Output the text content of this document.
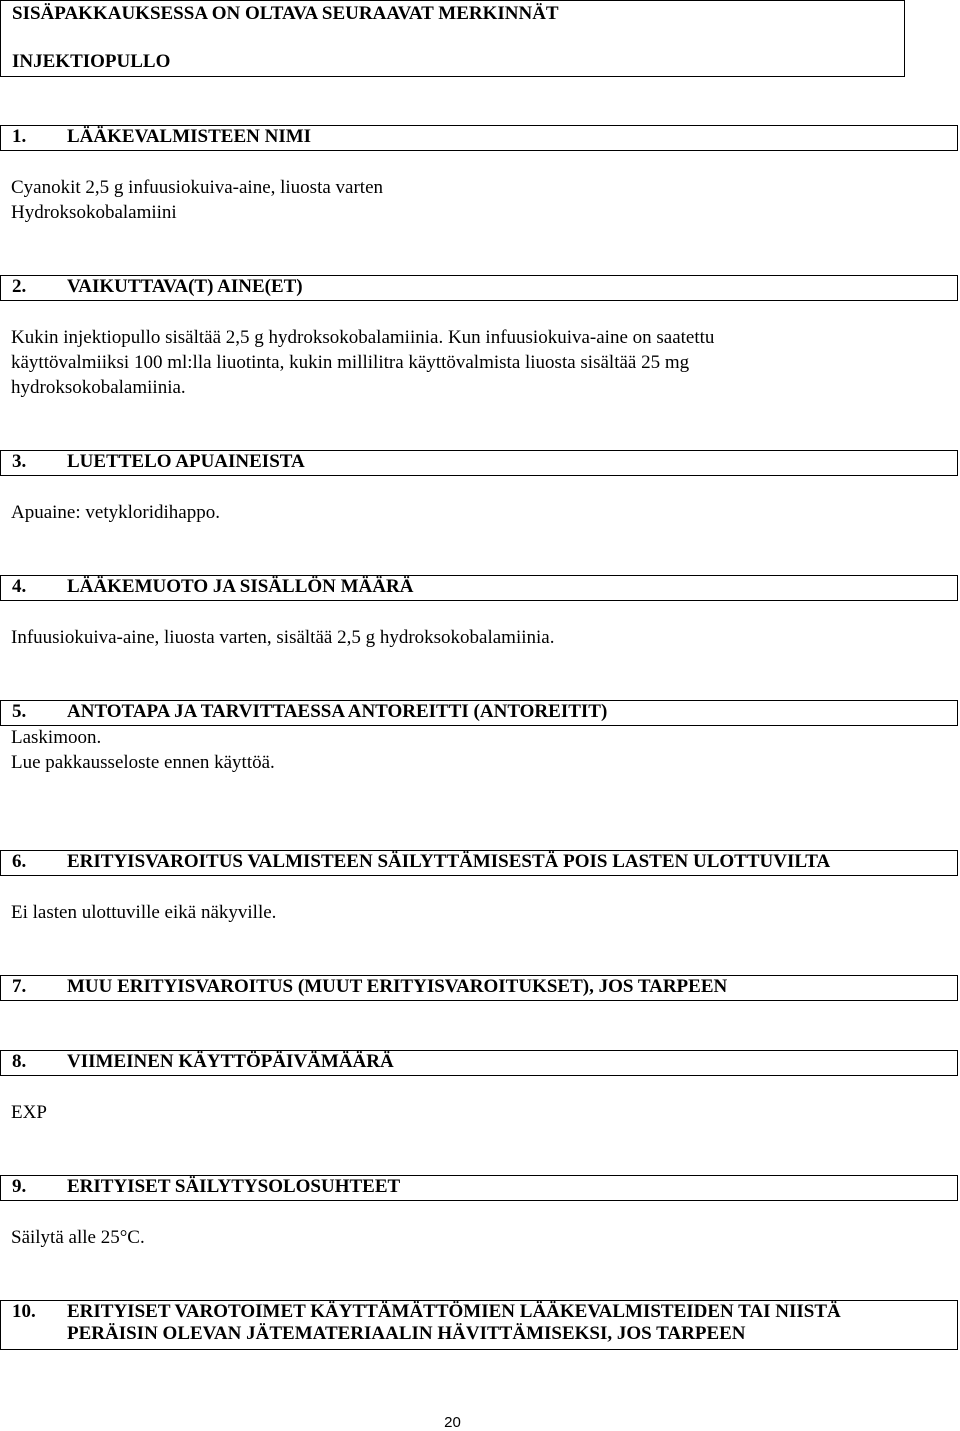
SISÄPAKKAUKSESSA ON OLTAVA SEURAAVAT MERKINNÄT
INJEKTIOPULLO
1. LÄÄKEVALMISTEEN NIMI
Cyanokit 2,5 g infuusiokuiva-aine, liuosta varten
Hydroksokobalamiini
2. VAIKUTTAVA(T) AINE(ET)
Kukin injektiopullo sisältää 2,5 g hydroksokobalamiinia. Kun infuusiokuiva-aine on saatettu
käyttövalmiiksi 100 ml:lla liuotinta, kukin millilitra käyttövalmista liuosta sisältää 25 mg
hydroksokobalamiinia.
3. LUETTELO APUAINEISTA
Apuaine: vetykloridihappo.
4. LÄÄKEMUOTO JA SISÄLLÖN MÄÄRÄ
Infuusiokuiva-aine, liuosta varten, sisältää 2,5 g hydroksokobalamiinia.
5. ANTOTAPA JA TARVITTAESSA ANTOREITTI (ANTOREITIT)
Laskimoon.
Lue pakkausseloste ennen käyttöä.
6. ERITYISVAROITUS VALMISTEEN SÄILYTTÄMISESTÄ POIS LASTEN ULOTTUVILTA
Ei lasten ulottuville eikä näkyville.
7. MUU ERITYISVAROITUS (MUUT ERITYISVAROITUKSET), JOS TARPEEN
8. VIIMEINEN KÄYTTÖPÄIVÄMÄÄRÄ
EXP
9. ERITYISET SÄILYTYSOLOSUHTEET
Säilytä alle 25°C.
10. ERITYISET VAROTOIMET KÄYTTÄMÄTTÖMIEN LÄÄKEVALMISTEIDEN TAI NIISTÄ
PERÄISIN OLEVAN JÄTEMATERIAALIN HÄVITTÄMISEKSI, JOS TARPEEN
20
